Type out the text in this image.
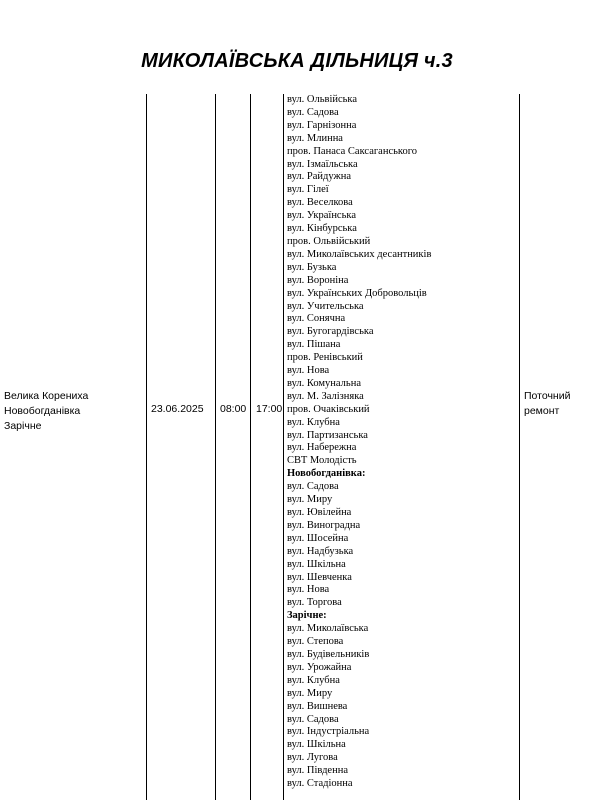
МИКОЛАЇВСЬКА ДІЛЬНИЦЯ ч.3
Велика Корениха
Новобогданівка
Зарічне
23.06.2025 08:00 17:00
Поточний
ремонт
вул. Ольвійська
вул. Садова
вул. Гарнізонна
вул. Млинна
пров. Панаса Саксаганського
вул. Ізмаїльська
вул. Райдужна
вул. Гілеї
вул. Веселкова
вул. Українська
вул. Кінбурська
пров. Ольвійський
вул. Миколаївських десантників
вул. Бузька
вул. Вороніна
вул. Українських Добровольців
вул. Учительська
вул. Сонячна
вул. Бугогардівська
вул. Пішана
пров. Ренівський
вул. Нова
вул. Комунальна
вул. М. Залізняка
пров. Очаківський
вул. Клубна
вул. Партизанська
вул. Набережна
СВТ Молодість
Новобогданівка:
вул. Садова
вул. Миру
вул. Ювілейна
вул. Виноградна
вул. Шосейна
вул. Надбузька
вул. Шкільна
вул. Шевченка
вул. Нова
вул. Торгова
Зарічне:
вул. Миколаївська
вул. Степова
вул. Будівельників
вул. Урожайна
вул. Клубна
вул. Миру
вул. Вишнева
вул. Садова
вул. Індустріальна
вул. Шкільна
вул. Лугова
вул. Південна
вул. Стадіонна
